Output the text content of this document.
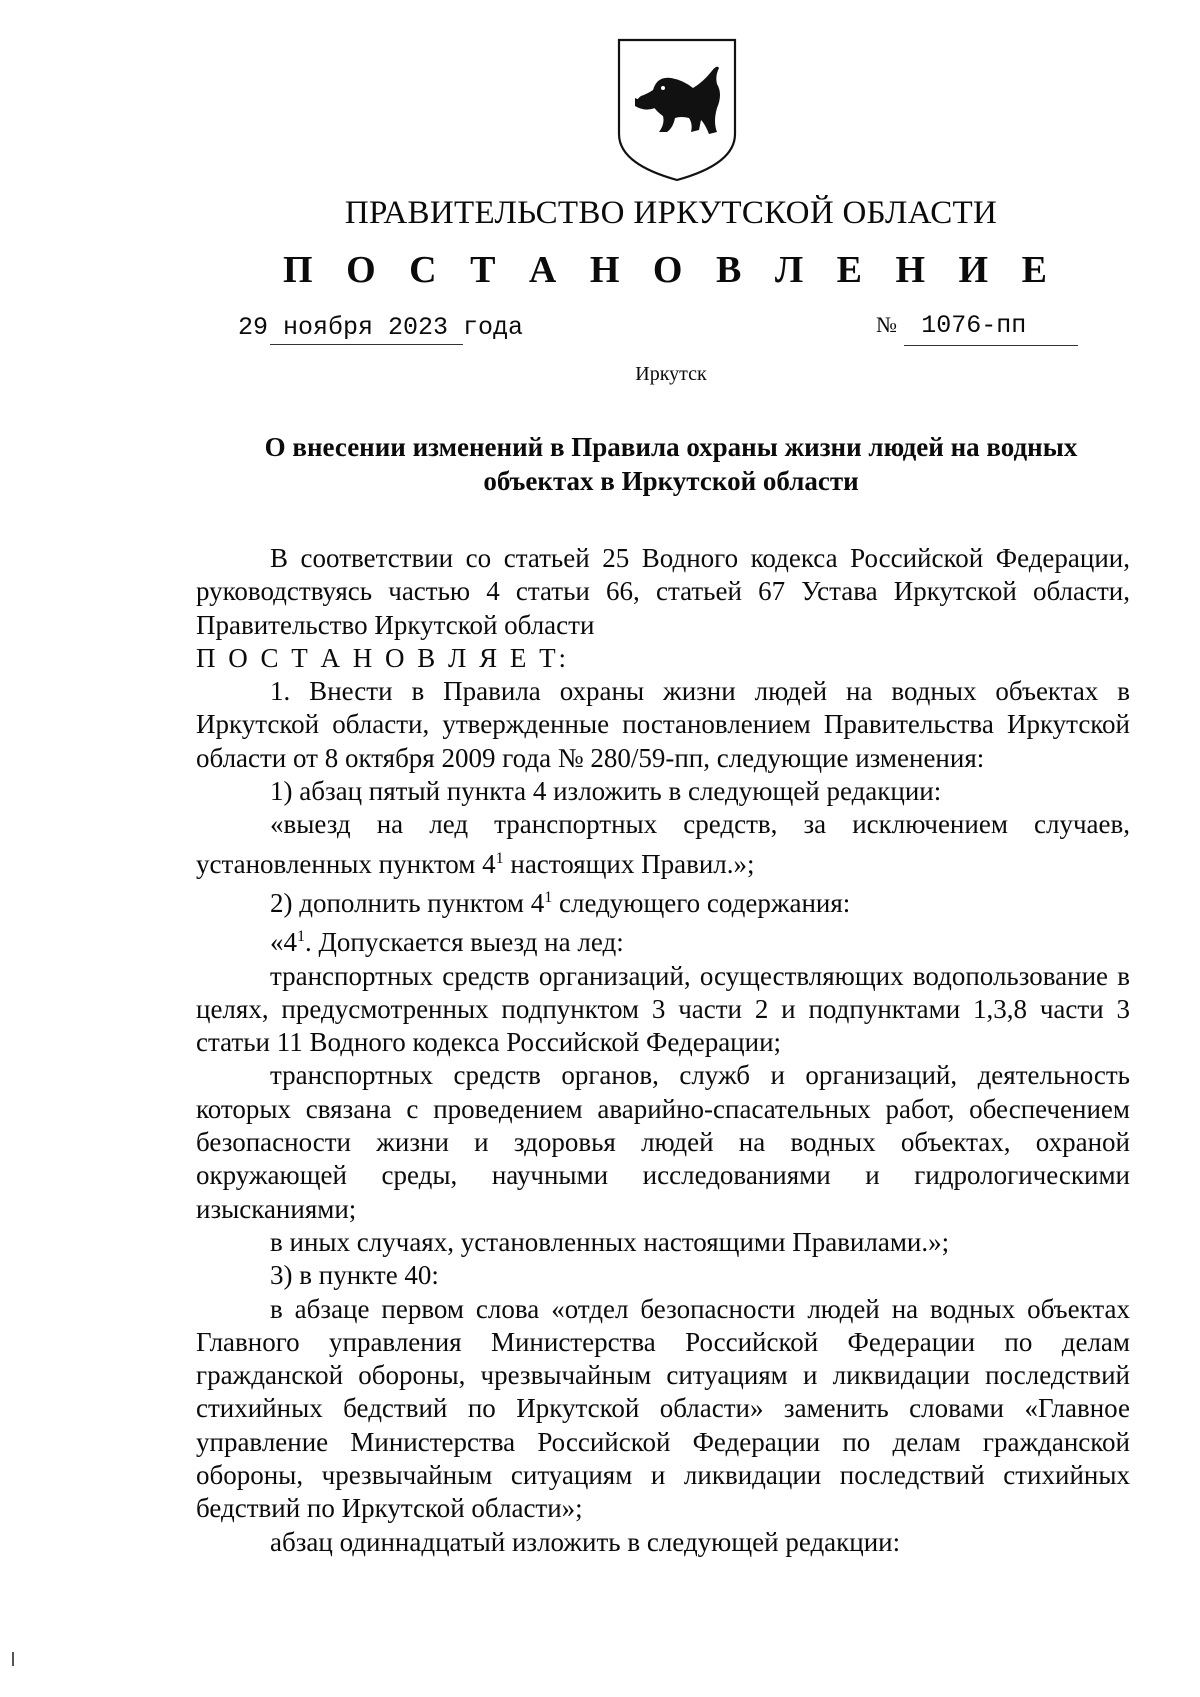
ПРАВИТЕЛЬСТВО ИРКУТСКОЙ ОБЛАСТИ
П О С Т А Н О В Л Е Н И Е
29 ноября 2023 года	№ 1076-пп
Иркутск
О внесении изменений в Правила охраны жизни людей на водных
объектах в Иркутской области

В соответствии со статьей 25 Водного кодекса Российской Федерации, руководствуясь частью 4 статьи 66, статьей 67 Устава Иркутской области, Правительство Иркутской области

П О С Т А Н О В Л Я Е Т:

1. Внести в Правила охраны жизни людей на водных объектах в Иркутской области, утвержденные постановлением Правительства Иркутской области от 8 октября 2009 года № 280/59-пп, следующие изменения:

1) абзац пятый пункта 4 изложить в следующей редакции:

«выезд на лед транспортных средств, за исключением случаев, установленных пунктом $4^1$ настоящих Правил.»;

2) дополнить пунктом $4^1$ следующего содержания:

«$4^1$. Допускается выезд на лед:

транспортных средств организаций, осуществляющих водопользование в целях, предусмотренных подпунктом 3 части 2 и подпунктами 1,3,8 части 3 статьи 11 Водного кодекса Российской Федерации;

транспортных средств органов, служб и организаций, деятельность которых связана с проведением аварийно-спасательных работ, обеспечением безопасности жизни и здоровья людей на водных объектах, охраной окружающей среды, научными исследованиями и гидрологическими изысканиями;

в иных случаях, установленных настоящими Правилами.»;

3) в пункте 40:

в абзаце первом слова «отдел безопасности людей на водных объектах Главного управления Министерства Российской Федерации по делам гражданской обороны, чрезвычайным ситуациям и ликвидации последствий стихийных бедствий по Иркутской области» заменить словами «Главное управление Министерства Российской Федерации по делам гражданской обороны, чрезвычайным ситуациям и ликвидации последствий стихийных бедствий по Иркутской области»;

абзац одиннадцатый изложить в следующей редакции:
